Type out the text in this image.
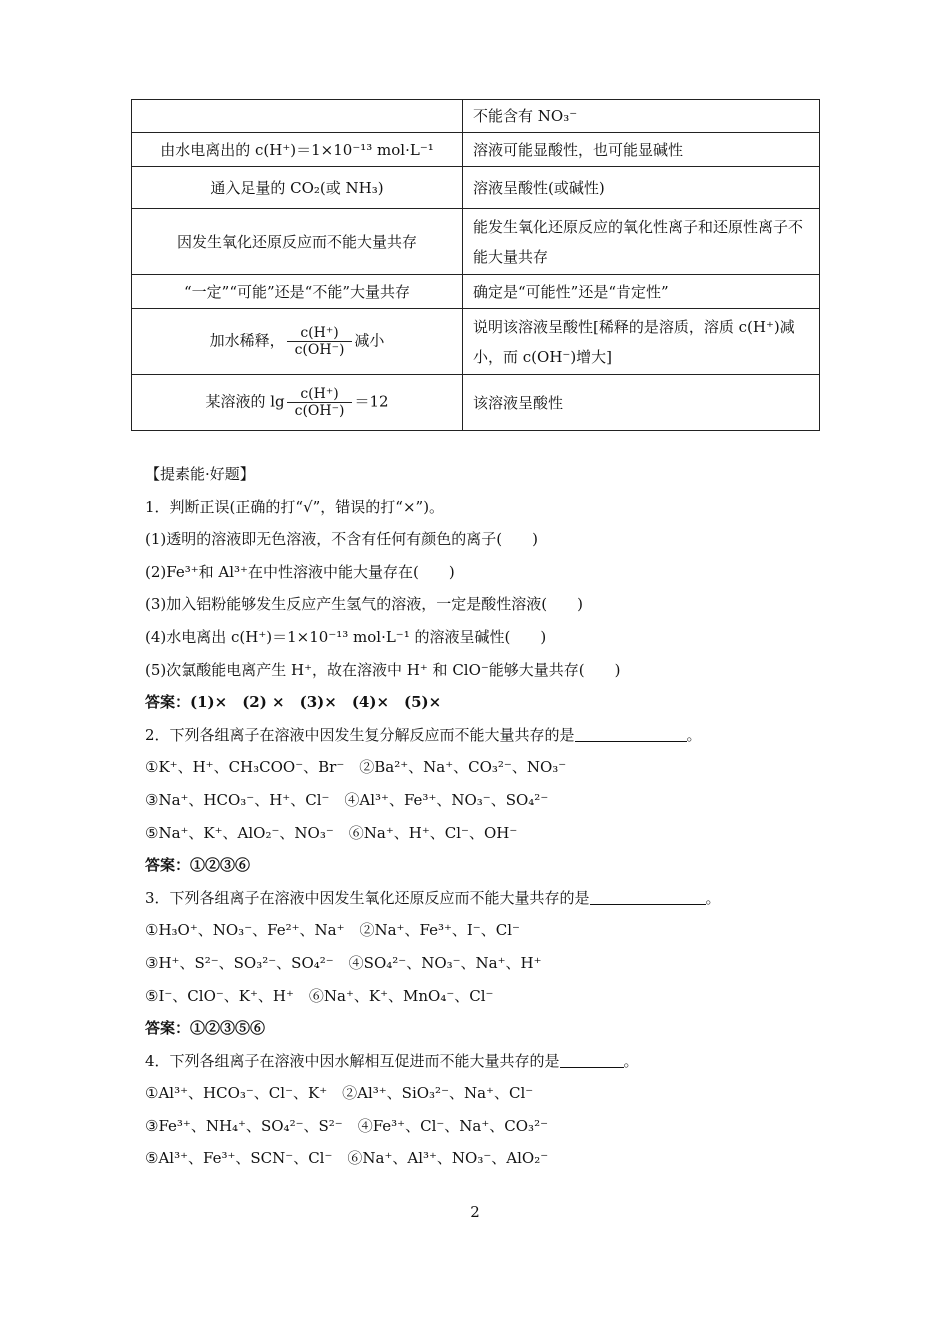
	不能含有 NO₃⁻
由水电离出的 c(H⁺)＝1×10⁻¹³ mol·L⁻¹	溶液可能显酸性，也可能显碱性
通入足量的 CO₂(或 NH₃)	溶液呈酸性(或碱性)
因发生氧化还原反应而不能大量共存	能发生氧化还原反应的氧化性离子和还原性离子不能大量共存
“一定”“可能”还是“不能”大量共存	确定是“可能性”还是“肯定性”
加水稀释， $\frac{c(H^+)}{c(OH^-)}$ 减小	说明该溶液呈酸性[稀释的是溶质，溶质 c(H⁺)减小，而 c(OH⁻)增大]
某溶液的 $\lg \frac{c(H^+)}{c(OH^-)} =12$	该溶液呈酸性
【提素能·好题】
1．判断正误(正确的打“√”，错误的打“×”)。
(1)透明的溶液即无色溶液，不含有任何有颜色的离子(　　)
(2)Fe³⁺和 Al³⁺在中性溶液中能大量存在(　　)
(3)加入铝粉能够发生反应产生氢气的溶液，一定是酸性溶液(　　)
(4)水电离出 c(H⁺)＝1×10⁻¹³ mol·L⁻¹ 的溶液呈碱性(　　)
(5)次氯酸能电离产生 H⁺，故在溶液中 H⁺ 和 ClO⁻能够大量共存(　　)
答案：(1)×　(2) ×　(3)×　(4)×　(5)×
2．下列各组离子在溶液中因发生复分解反应而不能大量共存的是	。
①K⁺、H⁺、CH₃COO⁻、Br⁻　②Ba²⁺、Na⁺、CO₃²⁻、NO₃⁻
③Na⁺、HCO₃⁻、H⁺、Cl⁻　④Al³⁺、Fe³⁺、NO₃⁻、SO₄²⁻
⑤Na⁺、K⁺、AlO₂⁻、NO₃⁻　⑥Na⁺、H⁺、Cl⁻、OH⁻
答案：①②③⑥
3．下列各组离子在溶液中因发生氧化还原反应而不能大量共存的是	。
①H₃O⁺、NO₃⁻、Fe²⁺、Na⁺　②Na⁺、Fe³⁺、I⁻、Cl⁻
③H⁺、S²⁻、SO₃²⁻、SO₄²⁻　④SO₄²⁻、NO₃⁻、Na⁺、H⁺
⑤I⁻、ClO⁻、K⁺、H⁺　⑥Na⁺、K⁺、MnO₄⁻、Cl⁻
答案：①②③⑤⑥
4．下列各组离子在溶液中因水解相互促进而不能大量共存的是	。
①Al³⁺、HCO₃⁻、Cl⁻、K⁺　②Al³⁺、SiO₃²⁻、Na⁺、Cl⁻
③Fe³⁺、NH₄⁺、SO₄²⁻、S²⁻　④Fe³⁺、Cl⁻、Na⁺、CO₃²⁻
⑤Al³⁺、Fe³⁺、SCN⁻、Cl⁻　⑥Na⁺、Al³⁺、NO₃⁻、AlO₂⁻
2
